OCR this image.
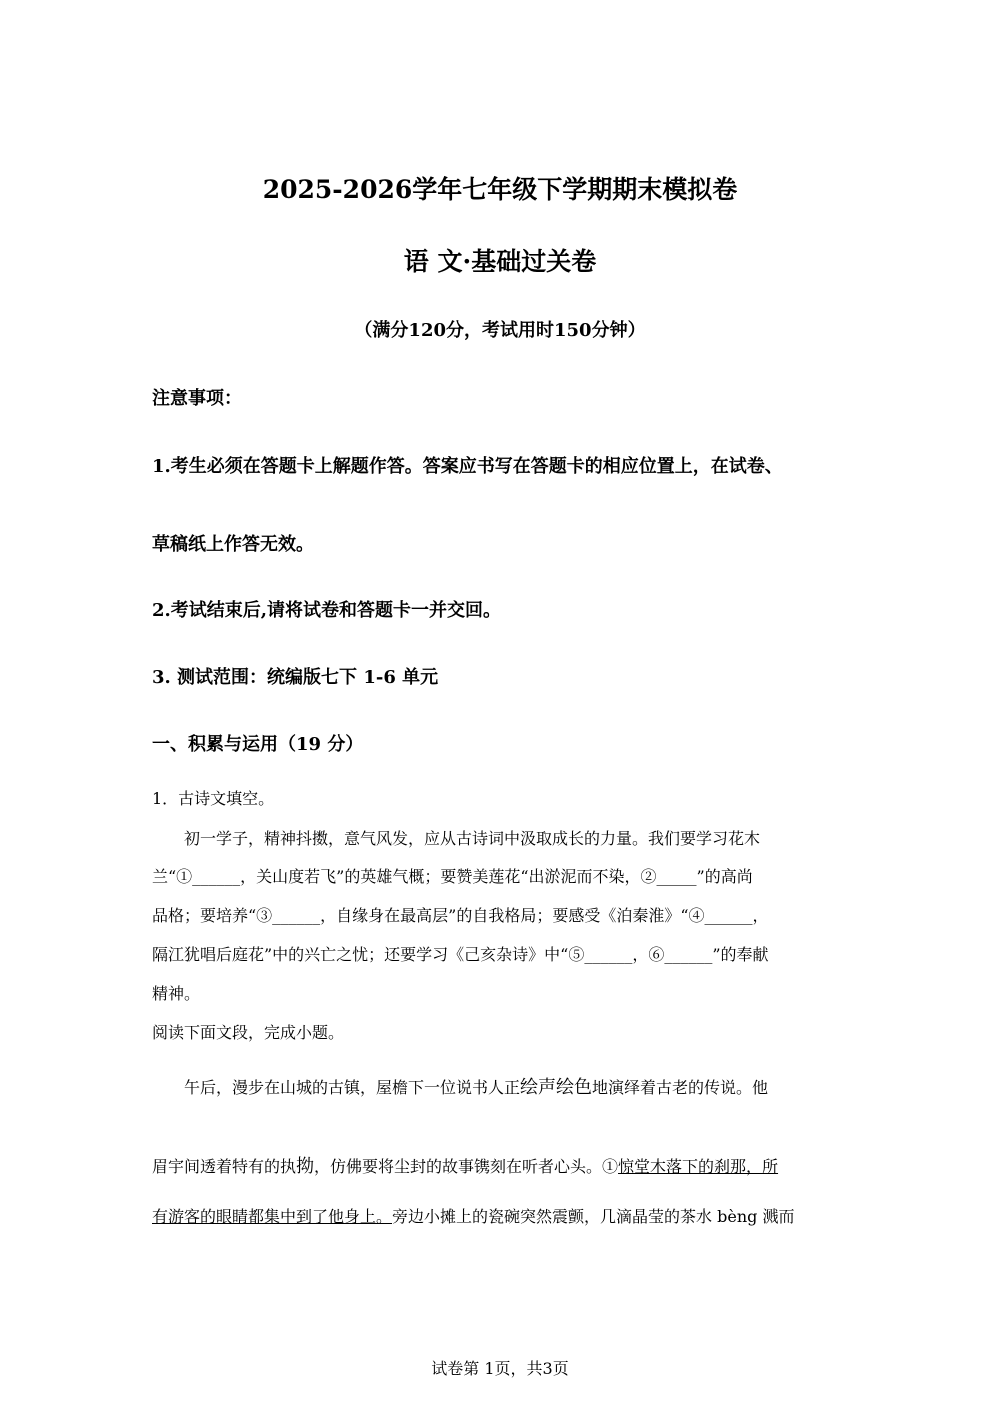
2025-2026学年七年级下学期期末模拟卷
语 文·基础过关卷
（满分120分，考试用时150分钟）
注意事项：
1.考生必须在答题卡上解题作答。答案应书写在答题卡的相应位置上，在试卷、
草稿纸上作答无效。
2.考试结束后,请将试卷和答题卡一并交回。
3. 测试范围：统编版七下 1-6 单元
一、积累与运用（19 分）
1．古诗文填空。
　　初一学子，精神抖擞，意气风发，应从古诗词中汲取成长的力量。我们要学习花木
兰“①______，关山度若飞”的英雄气概；要赞美莲花“出淤泥而不染，②_____”的高尚
品格；要培养“③______，自缘身在最高层”的自我格局；要感受《泊秦淮》“④______，
隔江犹唱后庭花”中的兴亡之忧；还要学习《己亥杂诗》中“⑤______，⑥______”的奉献
精神。
阅读下面文段，完成小题。
　　午后，漫步在山城的古镇，屋檐下一位说书人正绘声绘色地演绎着古老的传说。他
眉宇间透着特有的执拗，仿佛要将尘封的故事镌刻在听者心头。①惊堂木落下的刹那，所
有游客的眼睛都集中到了他身上。旁边小摊上的瓷碗突然震颤，几滴晶莹的茶水 bèng 溅而
试卷第 1页，共3页
